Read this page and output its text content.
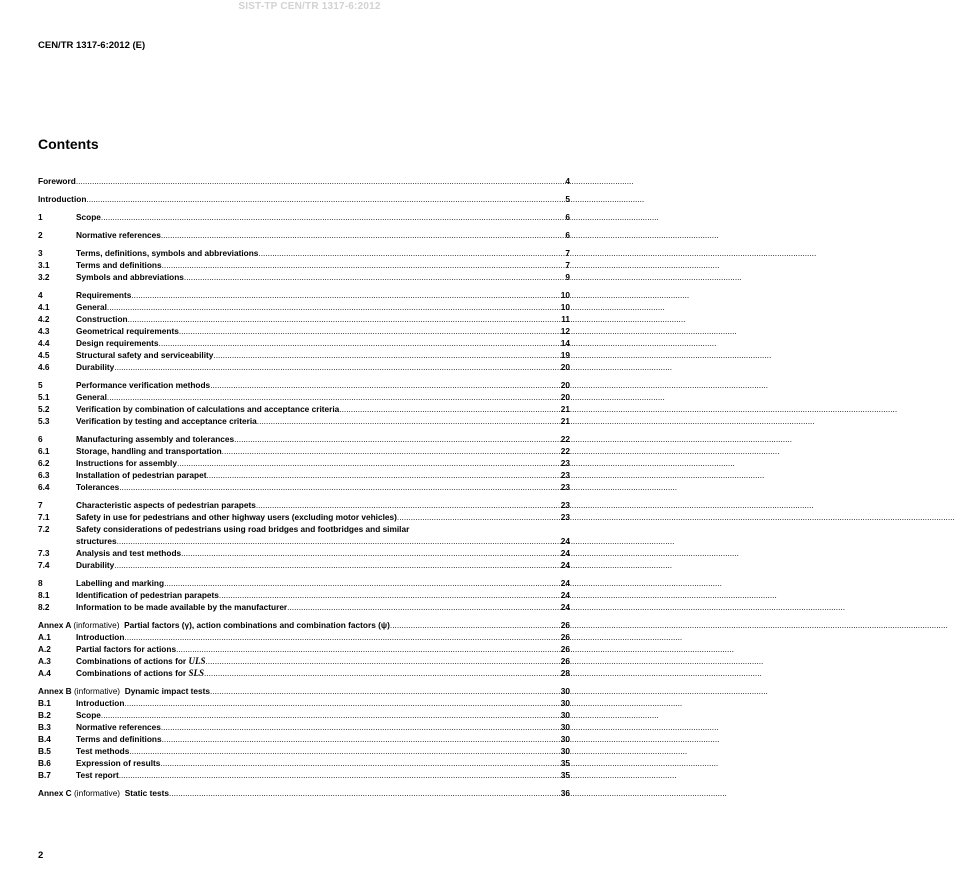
SIST-TP CEN/TR 1317-6:2012
CEN/TR 1317-6:2012 (E)
Contents
Foreword .....	4
Introduction .....	5
1	Scope .....	6
2	Normative references .....	6
3	Terms, definitions, symbols and abbreviations .....	7
3.1	Terms and definitions .....	7
3.2	Symbols and abbreviations .....	9
4	Requirements .....	10
4.1	General .....	10
4.2	Construction .....	11
4.3	Geometrical requirements .....	12
4.4	Design requirements .....	14
4.5	Structural safety and serviceability .....	19
4.6	Durability .....	20
5	Performance verification methods .....	20
5.1	General .....	20
5.2	Verification by combination of calculations and acceptance criteria .....	21
5.3	Verification by testing and acceptance criteria .....	21
6	Manufacturing assembly and tolerances .....	22
6.1	Storage, handling and transportation .....	22
6.2	Instructions for assembly .....	23
6.3	Installation of pedestrian parapet .....	23
6.4	Tolerances .....	23
7	Characteristic aspects of pedestrian parapets .....	23
7.1	Safety in use for pedestrians and other highway users (excluding motor vehicles) .....	23
7.2	Safety considerations of pedestrians using road bridges and footbridges and similar
structures .....	24
7.3	Analysis and test methods .....	24
7.4	Durability .....	24
8	Labelling and marking .....	24
8.1	Identification of pedestrian parapets .....	24
8.2	Information to be made available by the manufacturer .....	24
Annex A (informative) Partial factors (γ), action combinations and combination factors (ψ) .....	26
A.1	Introduction .....	26
A.2	Partial factors for actions .....	26
A.3	Combinations of actions for ULS .....	26
A.4	Combinations of actions for SLS .....	28
Annex B (informative) Dynamic impact tests .....	30
B.1	Introduction .....	30
B.2	Scope .....	30
B.3	Normative references .....	30
B.4	Terms and definitions .....	30
B.5	Test methods .....	30
B.6	Expression of results .....	35
B.7	Test report .....	35
Annex C (informative) Static tests .....	36
2
